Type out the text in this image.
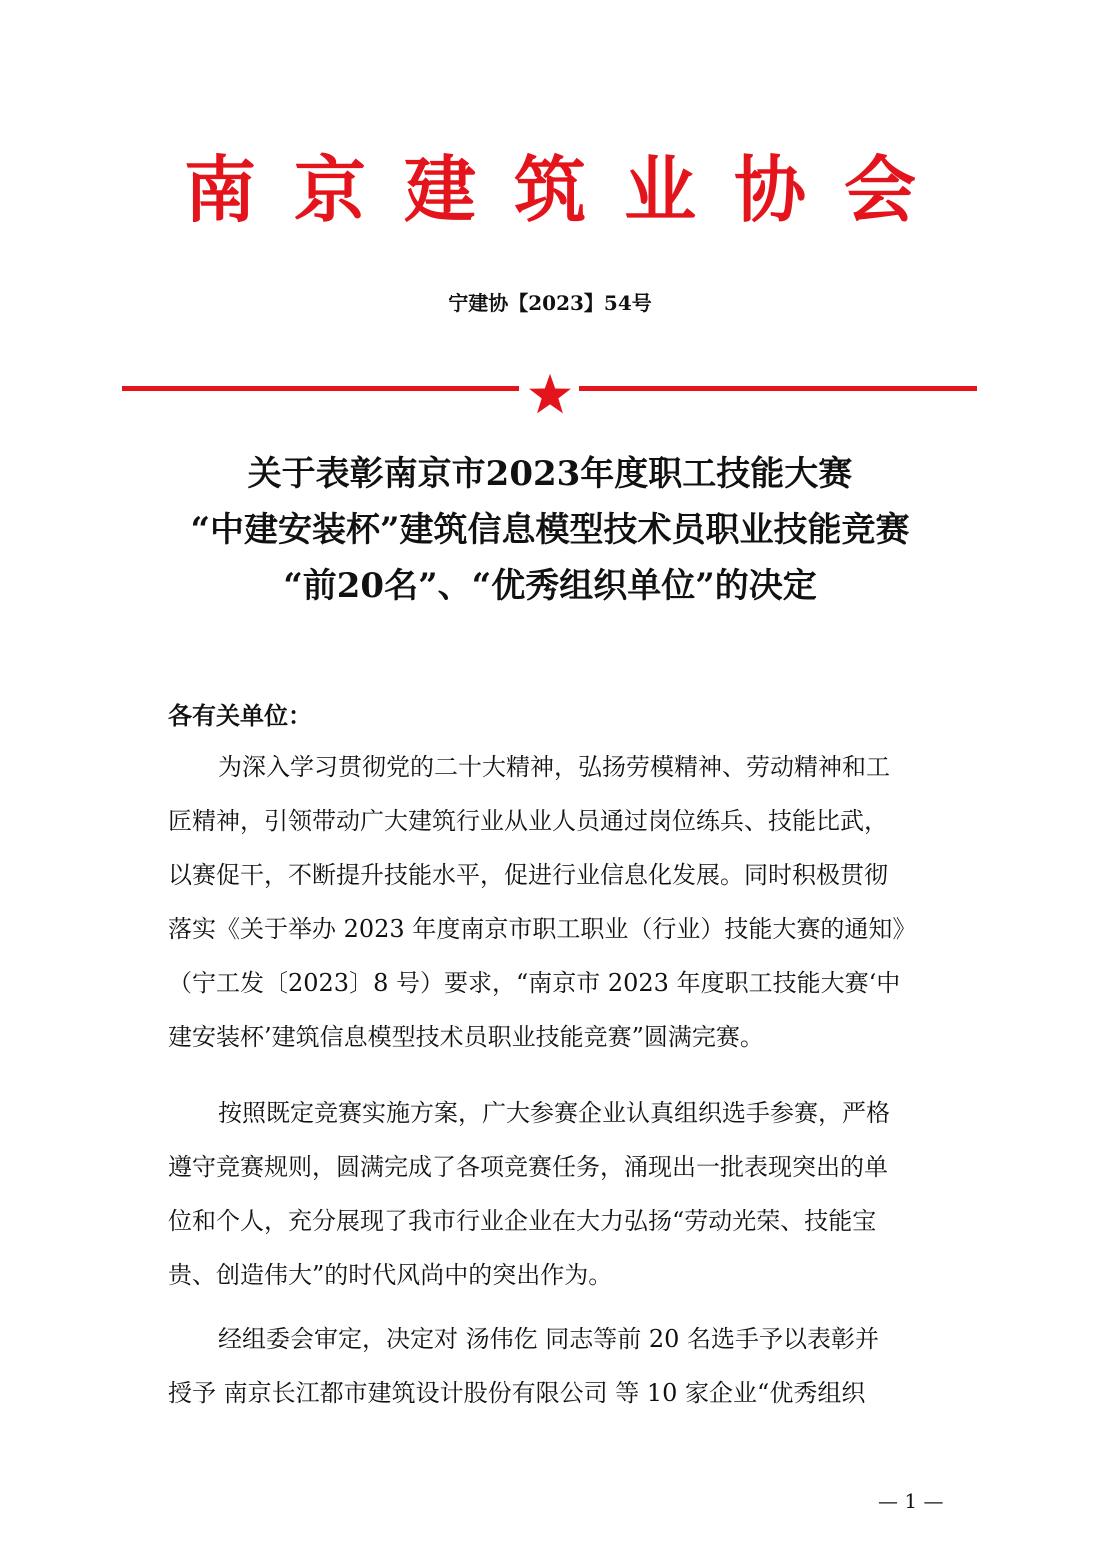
南京建筑业协会
宁建协【2023】54号
关于表彰南京市2023年度职工技能大赛
“中建安装杯”建筑信息模型技术员职业技能竞赛
“前20名”、“优秀组织单位”的决定
各有关单位：
为深入学习贯彻党的二十大精神，弘扬劳模精神、劳动精神和工
匠精神，引领带动广大建筑行业从业人员通过岗位练兵、技能比武，
以赛促干，不断提升技能水平，促进行业信息化发展。同时积极贯彻
落实《关于举办 2023 年度南京市职工职业（行业）技能大赛的通知》
（宁工发〔2023〕8 号）要求，“南京市 2023 年度职工技能大赛‘中
建安装杯’建筑信息模型技术员职业技能竞赛”圆满完赛。
按照既定竞赛实施方案，广大参赛企业认真组织选手参赛，严格
遵守竞赛规则，圆满完成了各项竞赛任务，涌现出一批表现突出的单
位和个人，充分展现了我市行业企业在大力弘扬“劳动光荣、技能宝
贵、创造伟大”的时代风尚中的突出作为。
经组委会审定，决定对 汤伟仡 同志等前 20 名选手予以表彰并
授予 南京长江都市建筑设计股份有限公司 等 10 家企业“优秀组织
— 1 —
